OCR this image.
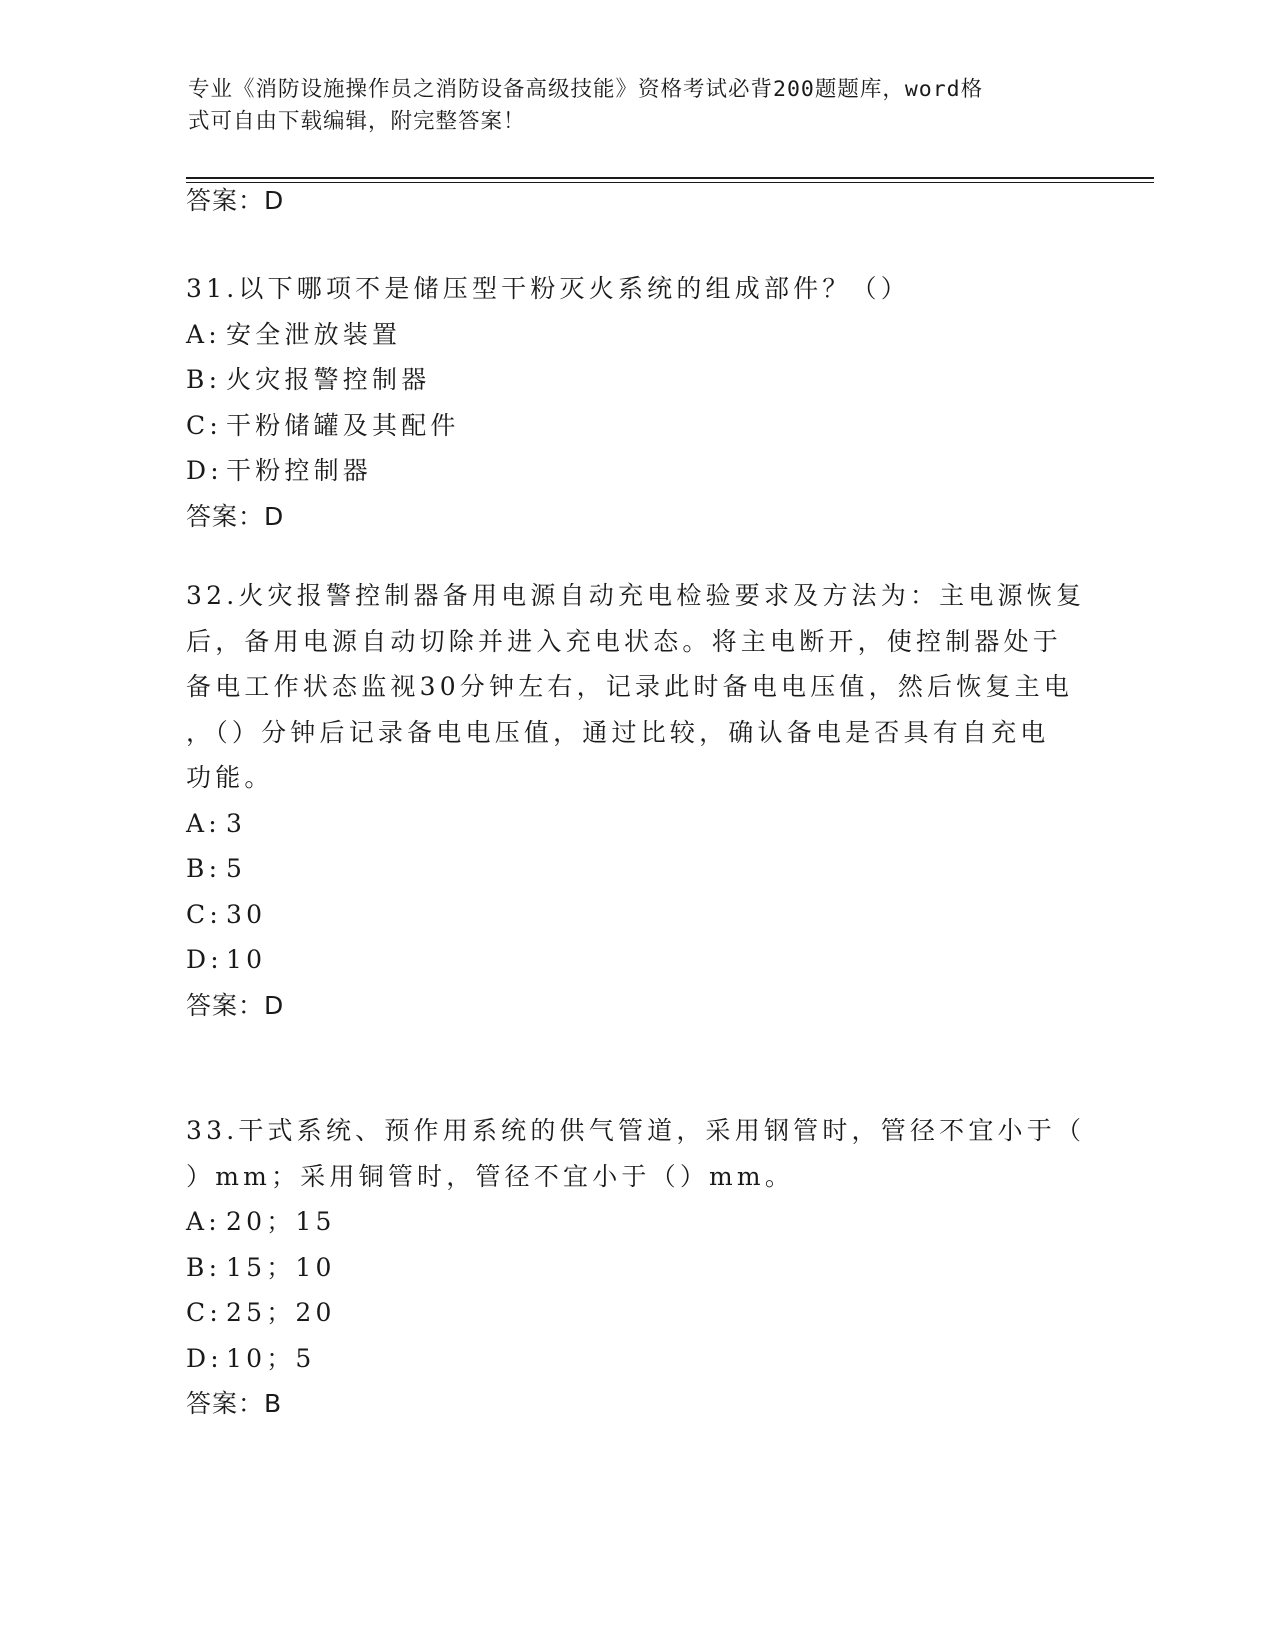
专业《消防设施操作员之消防设备高级技能》资格考试必背200题题库，word格
式可自由下载编辑，附完整答案！
答案：D
31.以下哪项不是储压型干粉灭火系统的组成部件？（）
A: 安全泄放装置
B: 火灾报警控制器
C: 干粉储罐及其配件
D: 干粉控制器
答案：D
32.火灾报警控制器备用电源自动充电检验要求及方法为：主电源恢复
后，备用电源自动切除并进入充电状态。将主电断开，使控制器处于
备电工作状态监视30分钟左右，记录此时备电电压值，然后恢复主电
，（）分钟后记录备电电压值，通过比较，确认备电是否具有自充电
功能。
A: 3
B: 5
C: 30
D: 10
答案：D
33.干式系统、预作用系统的供气管道，采用钢管时，管径不宜小于（
）mm；采用铜管时，管径不宜小于（）mm。
A: 20；15
B: 15；10
C: 25；20
D: 10；5
答案：B
